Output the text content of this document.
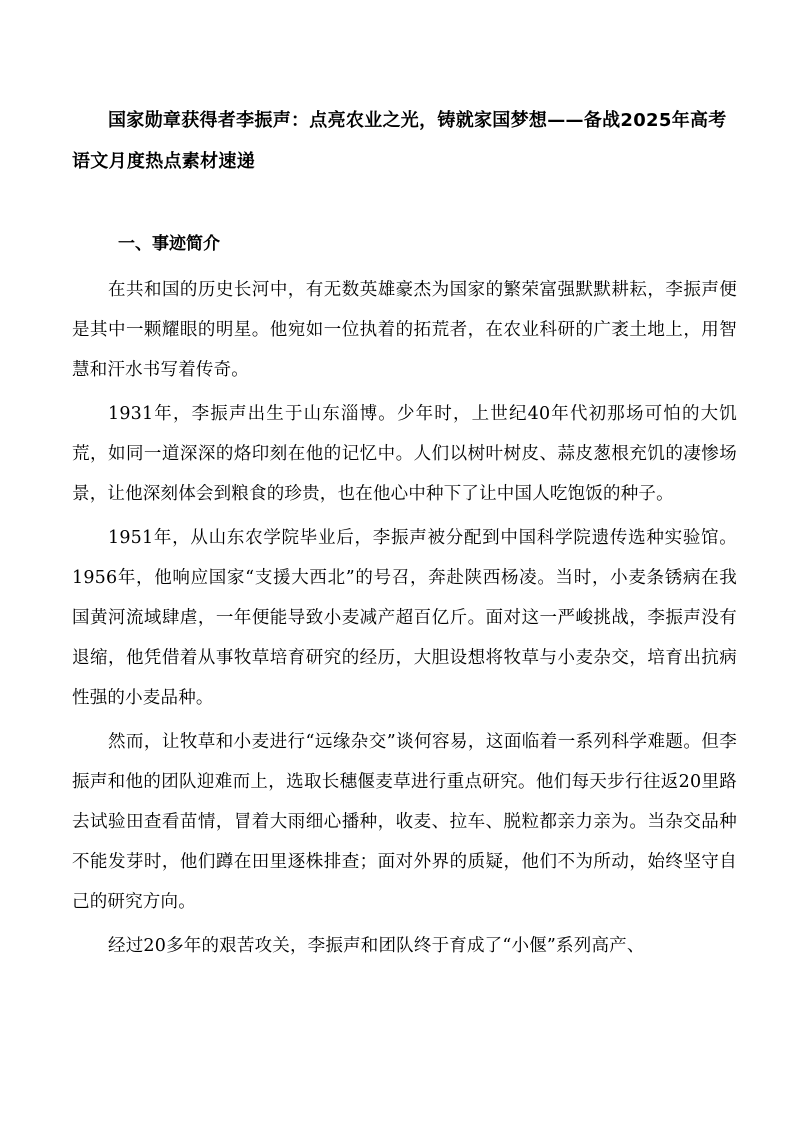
国家勋章获得者李振声：点亮农业之光，铸就家国梦想——备战2025年高考语文月度热点素材速递
一、事迹简介

在共和国的历史长河中，有无数英雄豪杰为国家的繁荣富强默默耕耘，李振声便是其中一颗耀眼的明星。他宛如一位执着的拓荒者，在农业科研的广袤土地上，用智慧和汗水书写着传奇。

1931年，李振声出生于山东淄博。少年时，上世纪40年代初那场可怕的大饥荒，如同一道深深的烙印刻在他的记忆中。人们以树叶树皮、蒜皮葱根充饥的凄惨场景，让他深刻体会到粮食的珍贵，也在他心中种下了让中国人吃饱饭的种子。

1951年，从山东农学院毕业后，李振声被分配到中国科学院遗传选种实验馆。1956年，他响应国家“支援大西北”的号召，奔赴陕西杨凌。当时，小麦条锈病在我国黄河流域肆虐，一年便能导致小麦减产超百亿斤。面对这一严峻挑战，李振声没有退缩，他凭借着从事牧草培育研究的经历，大胆设想将牧草与小麦杂交，培育出抗病性强的小麦品种。

然而，让牧草和小麦进行“远缘杂交”谈何容易，这面临着一系列科学难题。但李振声和他的团队迎难而上，选取长穗偃麦草进行重点研究。他们每天步行往返20里路去试验田查看苗情，冒着大雨细心播种，收麦、拉车、脱粒都亲力亲为。当杂交品种不能发芽时，他们蹲在田里逐株排查；面对外界的质疑，他们不为所动，始终坚守自己的研究方向。

经过20多年的艰苦攻关，李振声和团队终于育成了“小偃”系列高产、
